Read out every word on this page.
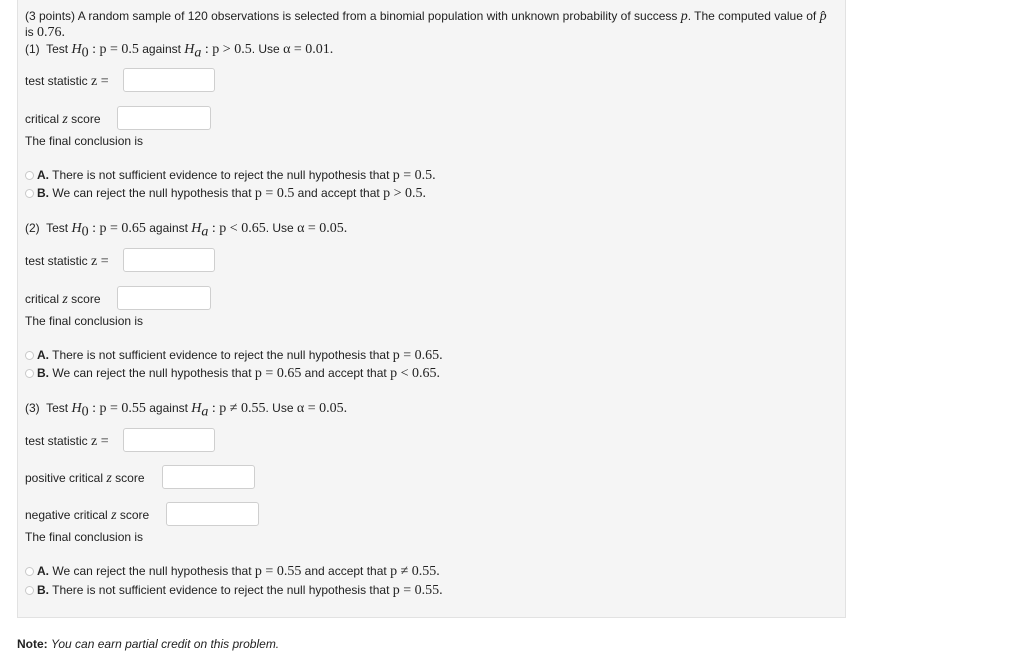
(3 points) A random sample of 120 observations is selected from a binomial population with unknown probability of success p. The computed value of p̂
is 0.76.
(1) Test $H_0$ : p = 0.5 against $H_a$ : p > 0.5. Use α = 0.01.
test statistic z =
critical z score
The final conclusion is
A. There is not sufficient evidence to reject the null hypothesis that p = 0.5.
B. We can reject the null hypothesis that p = 0.5 and accept that p > 0.5.
(2) Test $H_0$ : p = 0.65 against $H_a$ : p < 0.65. Use α = 0.05.
test statistic z =
critical z score
The final conclusion is
A. There is not sufficient evidence to reject the null hypothesis that p = 0.65.
B. We can reject the null hypothesis that p = 0.65 and accept that p < 0.65.
(3) Test $H_0$ : p = 0.55 against $H_a$ : p ≠ 0.55. Use α = 0.05.
test statistic z =
positive critical z score
negative critical z score
The final conclusion is
A. We can reject the null hypothesis that p = 0.55 and accept that p ≠ 0.55.
B. There is not sufficient evidence to reject the null hypothesis that p = 0.55.
Note: You can earn partial credit on this problem.
